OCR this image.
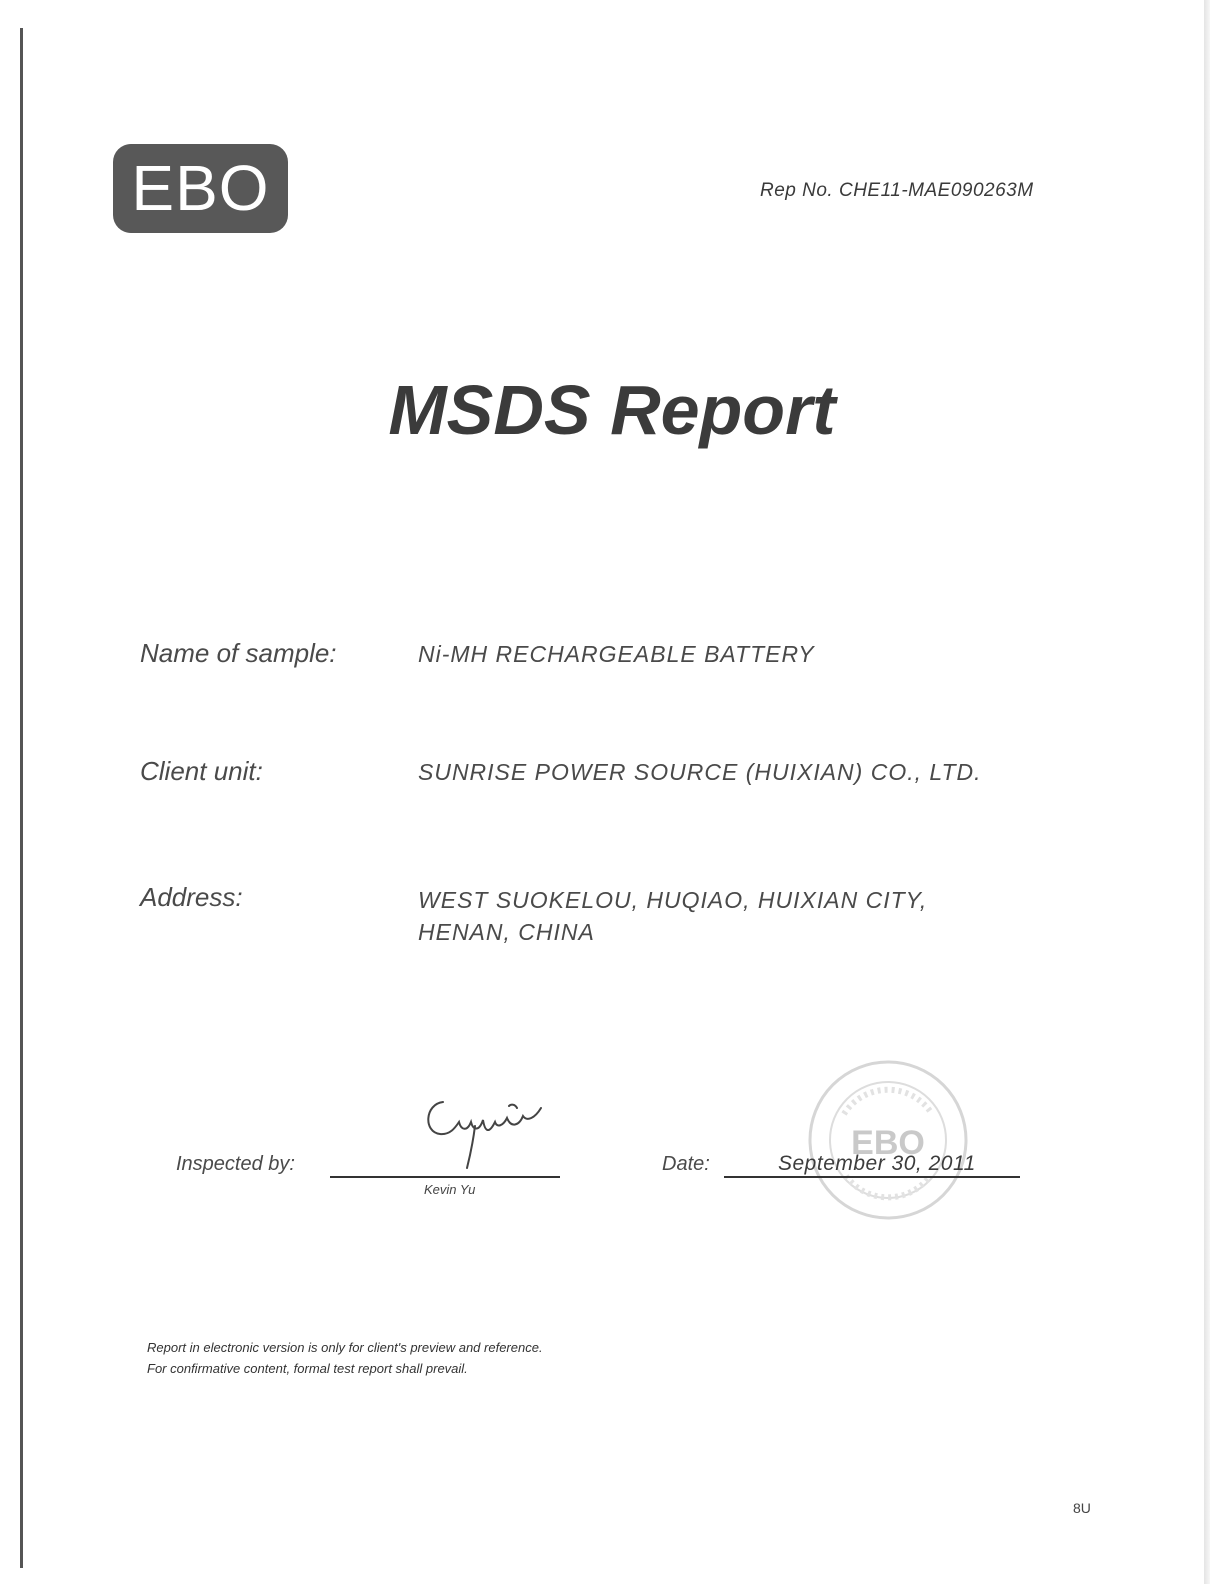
EBO	Rep No. CHE11-MAE090263M
MSDS Report
Name of sample:	Ni-MH RECHARGEABLE BATTERY
Client unit:	SUNRISE POWER SOURCE (HUIXIAN) CO., LTD.
Address:	WEST SUOKELOU, HUQIAO, HUIXIAN CITY,
HENAN, CHINA
Inspected by:
Kevin Yu
EBO
Date:	September 30, 2011
Report in electronic version is only for client's preview and reference.
For confirmative content, formal test report shall prevail.
8U
